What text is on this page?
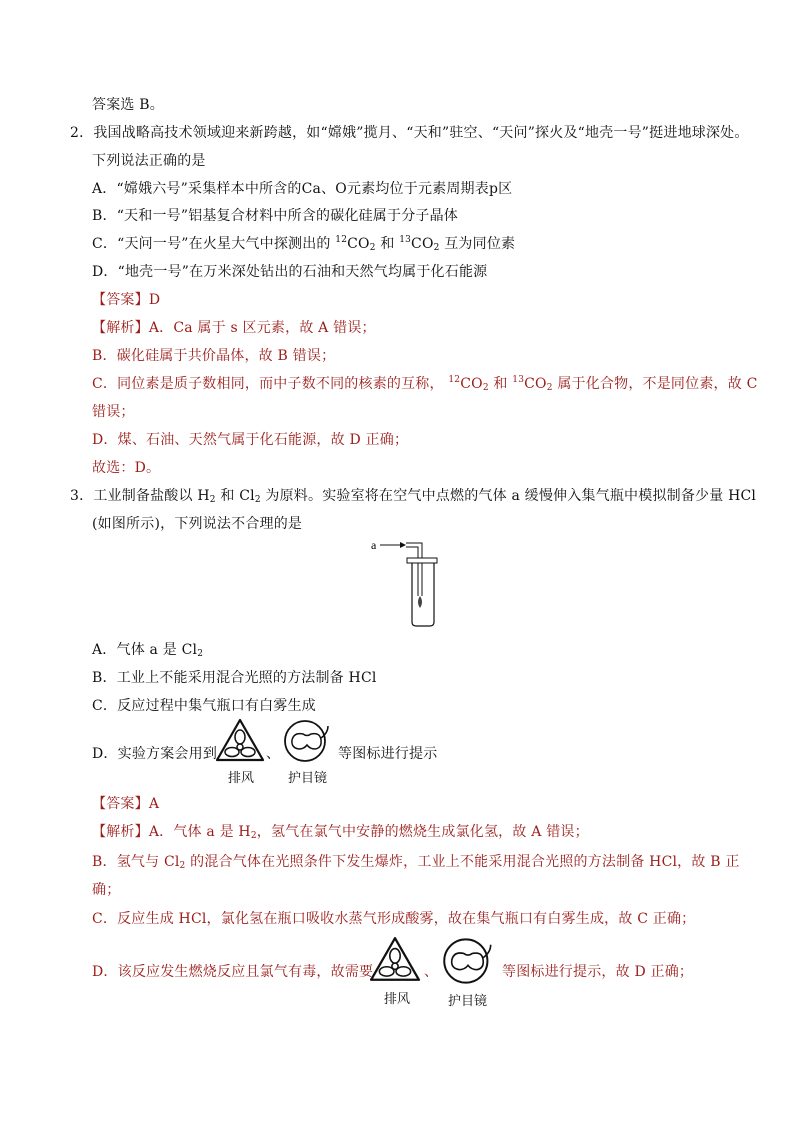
答案选 B。
2．我国战略高技术领域迎来新跨越，如“嫦娥”揽月、“天和”驻空、“天问”探火及“地壳一号”挺进地球深处。
下列说法正确的是
A．“嫦娥六号”采集样本中所含的Ca、O元素均位于元素周期表p区
B．“天和一号”铝基复合材料中所含的碳化硅属于分子晶体
C．“天问一号”在火星大气中探测出的 $^{12}CO_2$ 和 $^{13}CO_2$ 互为同位素
D．“地壳一号”在万米深处钻出的石油和天然气均属于化石能源
【答案】D
【解析】A．Ca 属于 s 区元素，故 A 错误；
B．碳化硅属于共价晶体，故 B 错误；
C．同位素是质子数相同，而中子数不同的核素的互称， $^{12}CO_2$ 和 $^{13}CO_2$ 属于化合物，不是同位素，故 C
错误；
D．煤、石油、天然气属于化石能源，故 D 正确；
故选：D。
3．工业制备盐酸以 $H_2$ 和 $Cl_2$ 为原料。实验室将在空气中点燃的气体 a 缓慢伸入集气瓶中模拟制备少量 HCl
(如图所示)，下列说法不合理的是
a
A．气体 a 是 $Cl_2$
B．工业上不能采用混合光照的方法制备 HCl
C．反应过程中集气瓶口有白雾生成
D．实验方案会用到
排风
、
护目镜
等图标进行提示
【答案】A
【解析】A．气体 a 是 $H_2$，氢气在氯气中安静的燃烧生成氯化氢，故 A 错误；
B．氢气与 $Cl_2$ 的混合气体在光照条件下发生爆炸，工业上不能采用混合光照的方法制备 HCl，故 B 正
确；
C．反应生成 HCl，氯化氢在瓶口吸收水蒸气形成酸雾，故在集气瓶口有白雾生成，故 C 正确；
D．该反应发生燃烧反应且氯气有毒，故需要
排风
、
护目镜
等图标进行提示，故 D 正确；
